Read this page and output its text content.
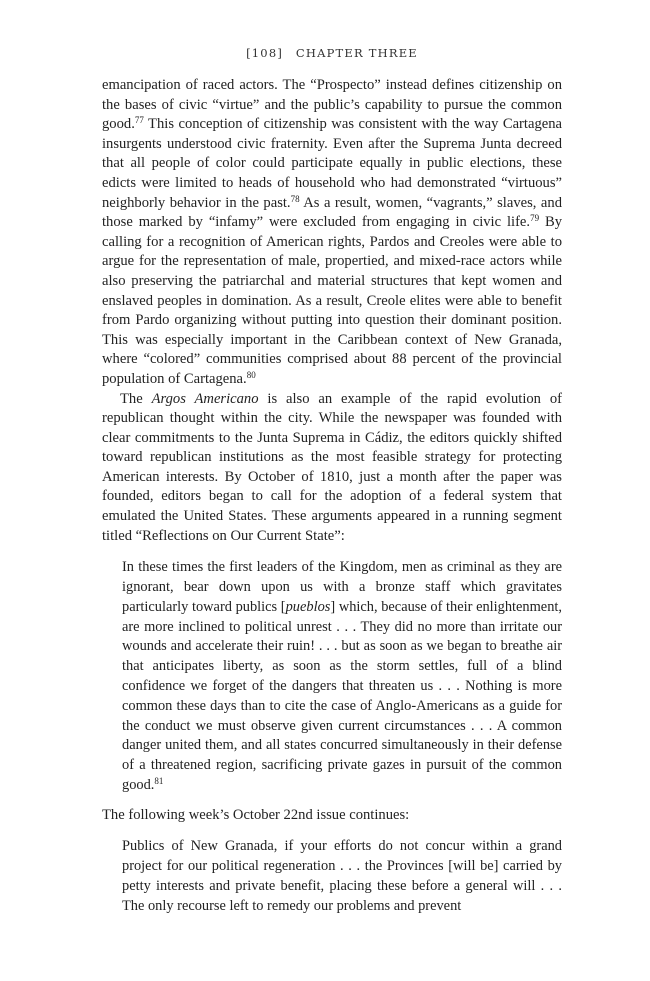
[108] CHAPTER THREE

emancipation of raced actors. The “Prospecto” instead defines citizenship on the bases of civic “virtue” and the public’s capability to pursue the common good.$^{77}$ This conception of citizenship was consistent with the way Cartagena insurgents understood civic fraternity. Even after the Suprema Junta decreed that all people of color could participate equally in public elections, these edicts were limited to heads of household who had demonstrated “virtuous” neighborly behavior in the past.$^{78}$ As a result, women, “vagrants,” slaves, and those marked by “infamy” were excluded from engaging in civic life.$^{79}$ By calling for a recognition of American rights, Pardos and Creoles were able to argue for the representation of male, propertied, and mixed-race actors while also preserving the patriarchal and material structures that kept women and enslaved peoples in domination. As a result, Creole elites were able to benefit from Pardo organizing without putting into question their dominant position. This was especially important in the Caribbean context of New Granada, where “colored” communities comprised about 88 percent of the provincial population of Cartagena.$^{80}$

The Argos Americano is also an example of the rapid evolution of republican thought within the city. While the newspaper was founded with clear commitments to the Junta Suprema in Cádiz, the editors quickly shifted toward republican institutions as the most feasible strategy for protecting American interests. By October of 1810, just a month after the paper was founded, editors began to call for the adoption of a federal system that emulated the United States. These arguments appeared in a running segment titled “Reflections on Our Current State”:

In these times the first leaders of the Kingdom, men as criminal as they are ignorant, bear down upon us with a bronze staff which gravitates particularly toward publics [pueblos] which, because of their enlightenment, are more inclined to political unrest . . . They did no more than irritate our wounds and accelerate their ruin! . . . but as soon as we began to breathe air that anticipates liberty, as soon as the storm settles, full of a blind confidence we forget of the dangers that threaten us . . . Nothing is more common these days than to cite the case of Anglo-Americans as a guide for the conduct we must observe given current circumstances . . . A common danger united them, and all states concurred simultaneously in their defense of a threatened region, sacrificing private gazes in pursuit of the common good.$^{81}$

The following week’s October 22nd issue continues:

Publics of New Granada, if your efforts do not concur within a grand project for our political regeneration . . . the Provinces [will be] carried by petty interests and private benefit, placing these before a general will . . . The only recourse left to remedy our problems and prevent
